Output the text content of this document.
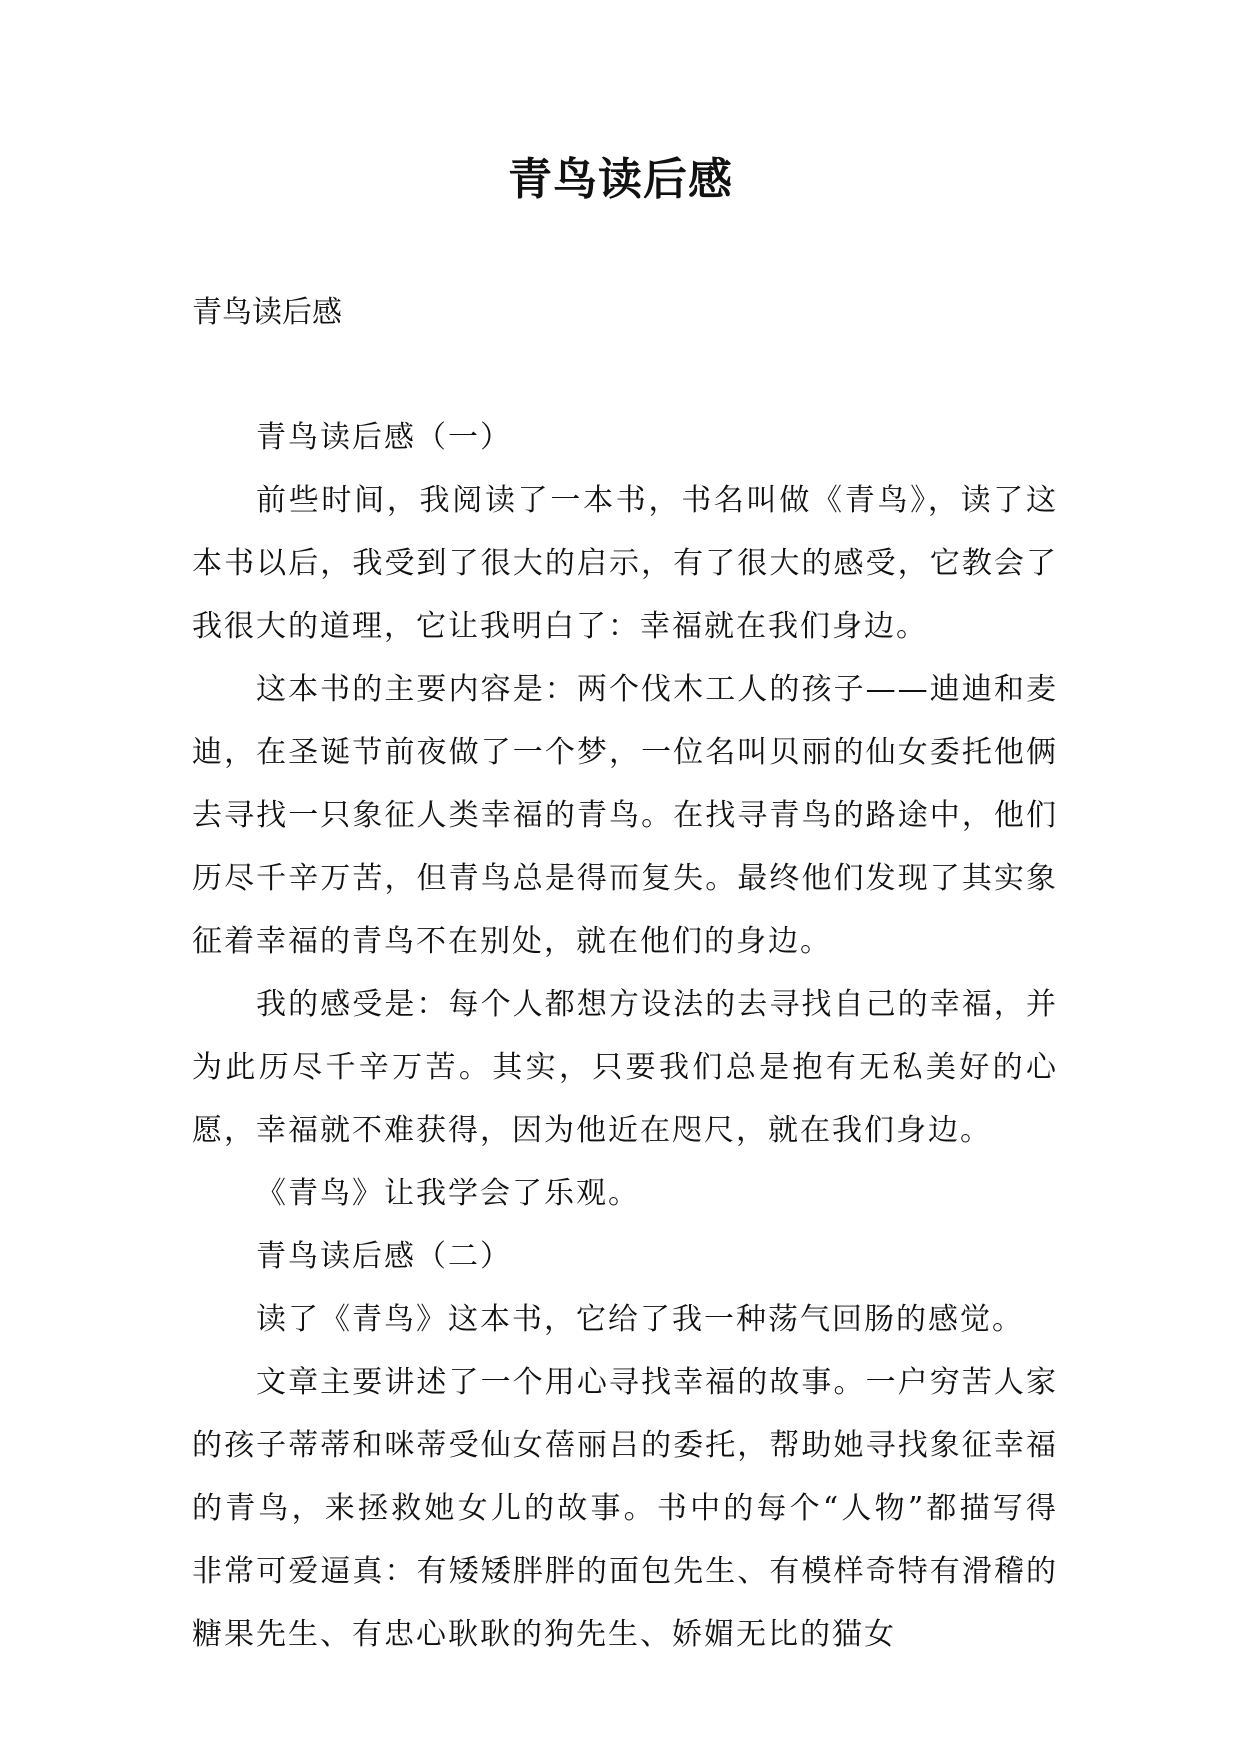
青鸟读后感
青鸟读后感

青鸟读后感（一）

前些时间，我阅读了一本书，书名叫做《青鸟》，读了这本书以后，我受到了很大的启示，有了很大的感受，它教会了我很大的道理，它让我明白了：幸福就在我们身边。

这本书的主要内容是：两个伐木工人的孩子——迪迪和麦迪，在圣诞节前夜做了一个梦，一位名叫贝丽的仙女委托他俩去寻找一只象征人类幸福的青鸟。在找寻青鸟的路途中，他们历尽千辛万苦，但青鸟总是得而复失。最终他们发现了其实象征着幸福的青鸟不在别处，就在他们的身边。

我的感受是：每个人都想方设法的去寻找自己的幸福，并为此历尽千辛万苦。其实，只要我们总是抱有无私美好的心愿，幸福就不难获得，因为他近在咫尺，就在我们身边。

《青鸟》让我学会了乐观。

青鸟读后感（二）

读了《青鸟》这本书，它给了我一种荡气回肠的感觉。

文章主要讲述了一个用心寻找幸福的故事。一户穷苦人家的孩子蒂蒂和咪蒂受仙女蓓丽吕的委托，帮助她寻找象征幸福的青鸟，来拯救她女儿的故事。书中的每个“人物”都描写得非常可爱逼真：有矮矮胖胖的面包先生、有模样奇特有滑稽的糖果先生、有忠心耿耿的狗先生、娇媚无比的猫女
